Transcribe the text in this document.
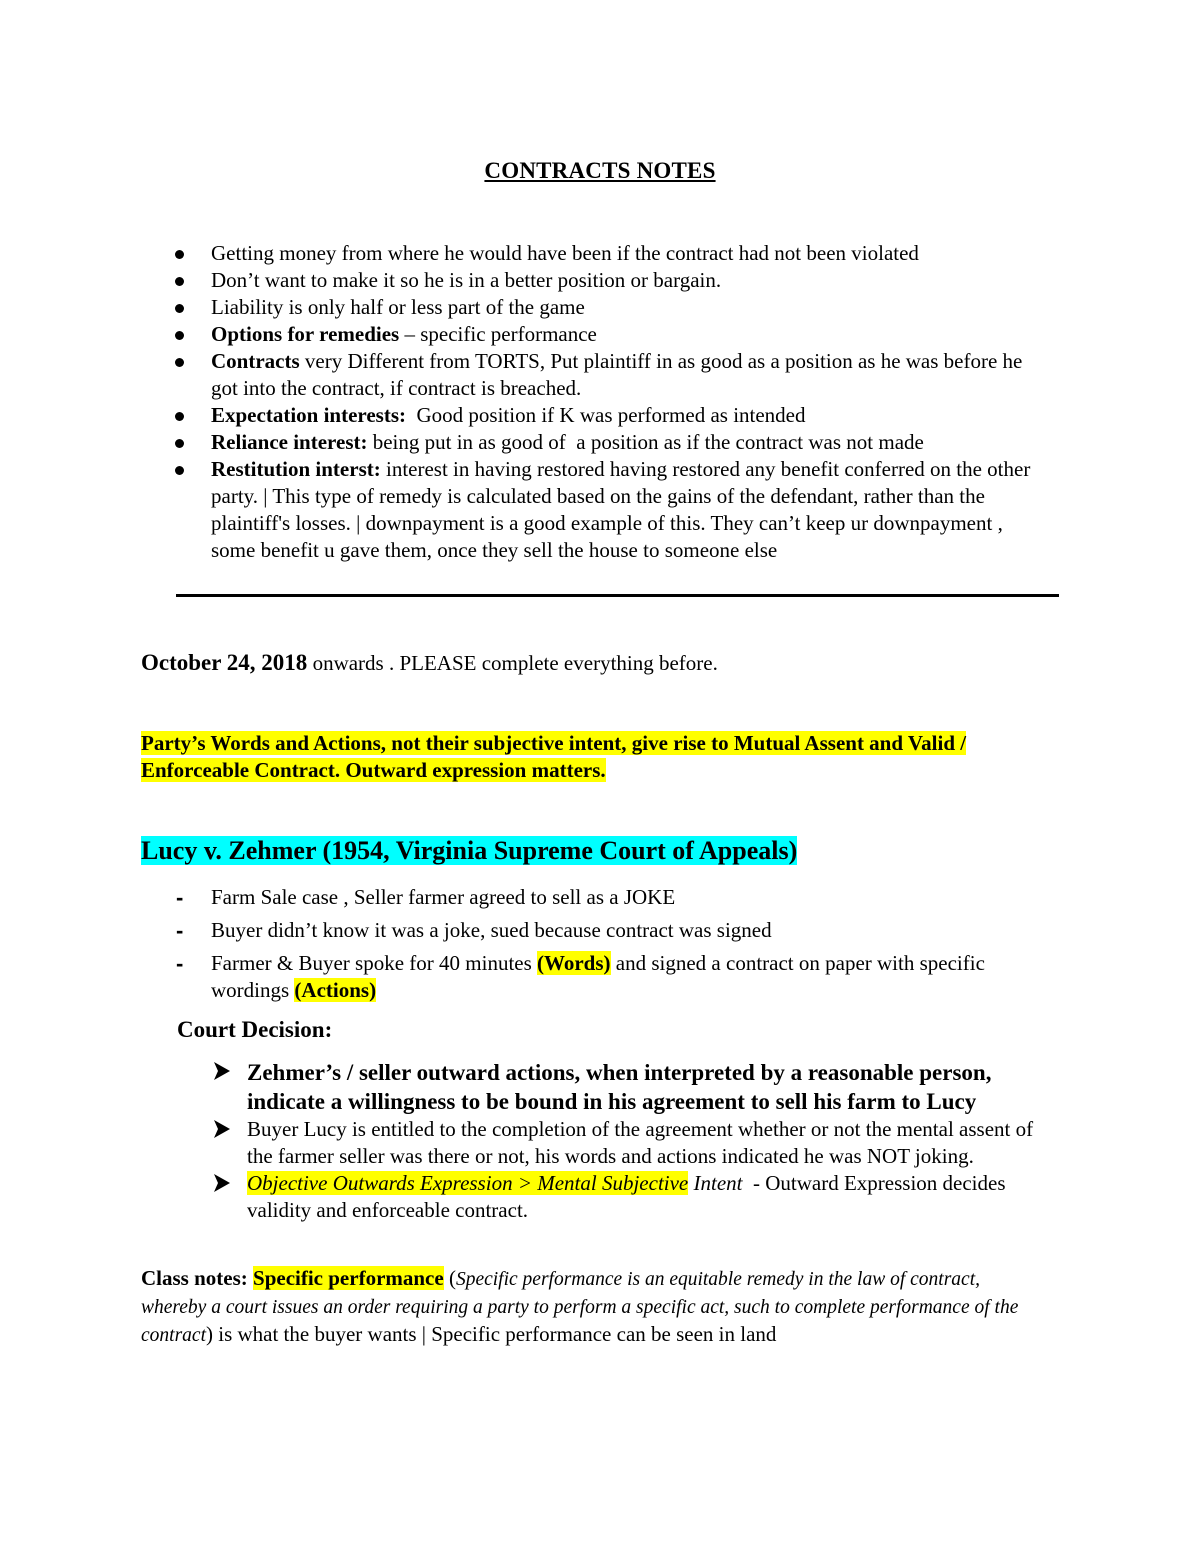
CONTRACTS NOTES
Getting money from where he would have been if the contract had not been violated
Don’t want to make it so he is in a better position or bargain.
Liability is only half or less part of the game
Options for remedies – specific performance
Contracts very Different from TORTS, Put plaintiff in as good as a position as he was before he got into the contract, if contract is breached.
Expectation interests:  Good position if K was performed as intended
Reliance interest: being put in as good of  a position as if the contract was not made
Restitution interst: interest in having restored having restored any benefit conferred on the other party. | This type of remedy is calculated based on the gains of the defendant, rather than the plaintiff's losses. | downpayment is a good example of this. They can’t keep ur downpayment , some benefit u gave them, once they sell the house to someone else
October 24, 2018 onwards . PLEASE complete everything before.
Party’s Words and Actions, not their subjective intent, give rise to Mutual Assent and Valid / Enforceable Contract. Outward expression matters.
Lucy v. Zehmer (1954, Virginia Supreme Court of Appeals)
- Farm Sale case , Seller farmer agreed to sell as a JOKE
- Buyer didn’t know it was a joke, sued because contract was signed
- Farmer & Buyer spoke for 40 minutes (Words) and signed a contract on paper with specific wordings (Actions)
Court Decision:
Zehmer’s / seller outward actions, when interpreted by a reasonable person, indicate a willingness to be bound in his agreement to sell his farm to Lucy
Buyer Lucy is entitled to the completion of the agreement whether or not the mental assent of the farmer seller was there or not, his words and actions indicated he was NOT joking.
Objective Outwards Expression > Mental Subjective Intent  - Outward Expression decides validity and enforceable contract.
Class notes: Specific performance (Specific performance is an equitable remedy in the law of contract, whereby a court issues an order requiring a party to perform a specific act, such to complete performance of the contract) is what the buyer wants | Specific performance can be seen in land
